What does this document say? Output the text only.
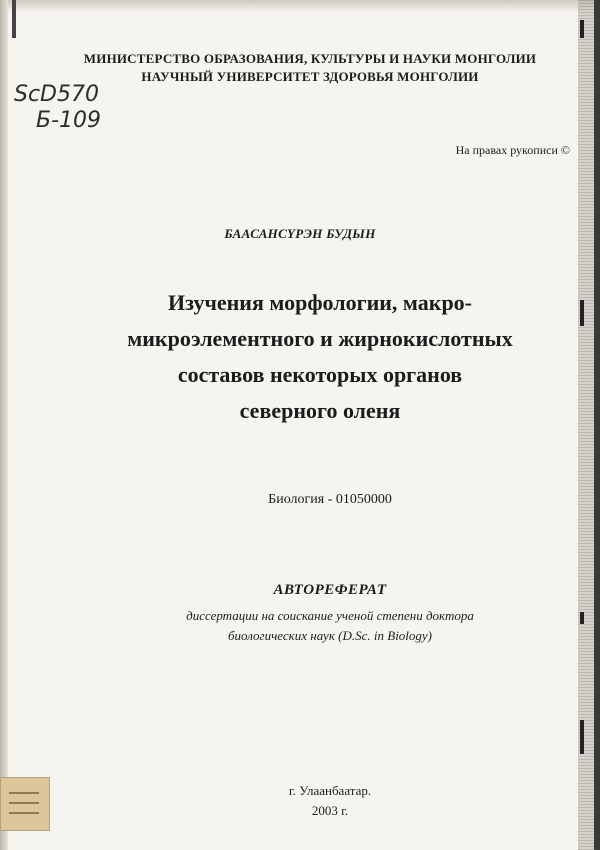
МИНИСТЕРСТВО ОБРАЗОВАНИЯ, КУЛЬТУРЫ И НАУКИ МОНГОЛИИ
НАУЧНЫЙ УНИВЕРСИТЕТ ЗДОРОВЬЯ МОНГОЛИИ
ScD570
Б-109
На правах рукописи ©
БААСАНСҮРЭН БУДЫН
Изучения морфологии, макро-
микроэлементного и жирнокислотных
составов некоторых органов
северного оленя
Биология - 01050000
АВТОРЕФЕРАТ
диссертации на соискание ученой степени доктора
биологических наук (D.Sc. in Biology)
г. Улаанбаатар.
2003 г.
